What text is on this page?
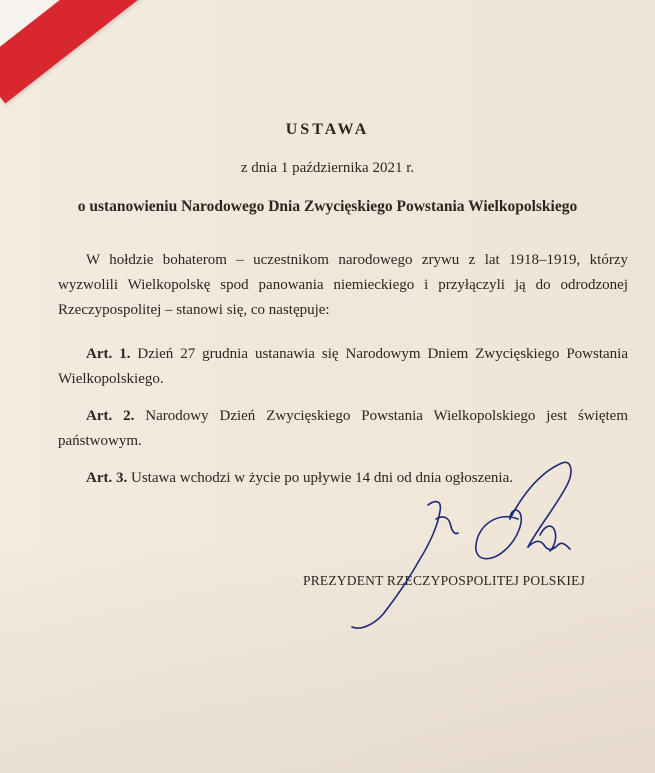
USTAWA
z dnia 1 października 2021 r.
o ustanowieniu Narodowego Dnia Zwycięskiego Powstania Wielkopolskiego

W hołdzie bohaterom – uczestnikom narodowego zrywu z lat 1918–1919, którzy wyzwolili Wielkopolskę spod panowania niemieckiego i przyłączyli ją do odrodzonej Rzeczypospolitej – stanowi się, co następuje:

Art. 1. Dzień 27 grudnia ustanawia się Narodowym Dniem Zwycięskiego Powstania Wielkopolskiego.

Art. 2. Narodowy Dzień Zwycięskiego Powstania Wielkopolskiego jest świętem państwowym.

Art. 3. Ustawa wchodzi w życie po upływie 14 dni od dnia ogłoszenia.

PREZYDENT RZECZYPOSPOLITEJ POLSKIEJ
